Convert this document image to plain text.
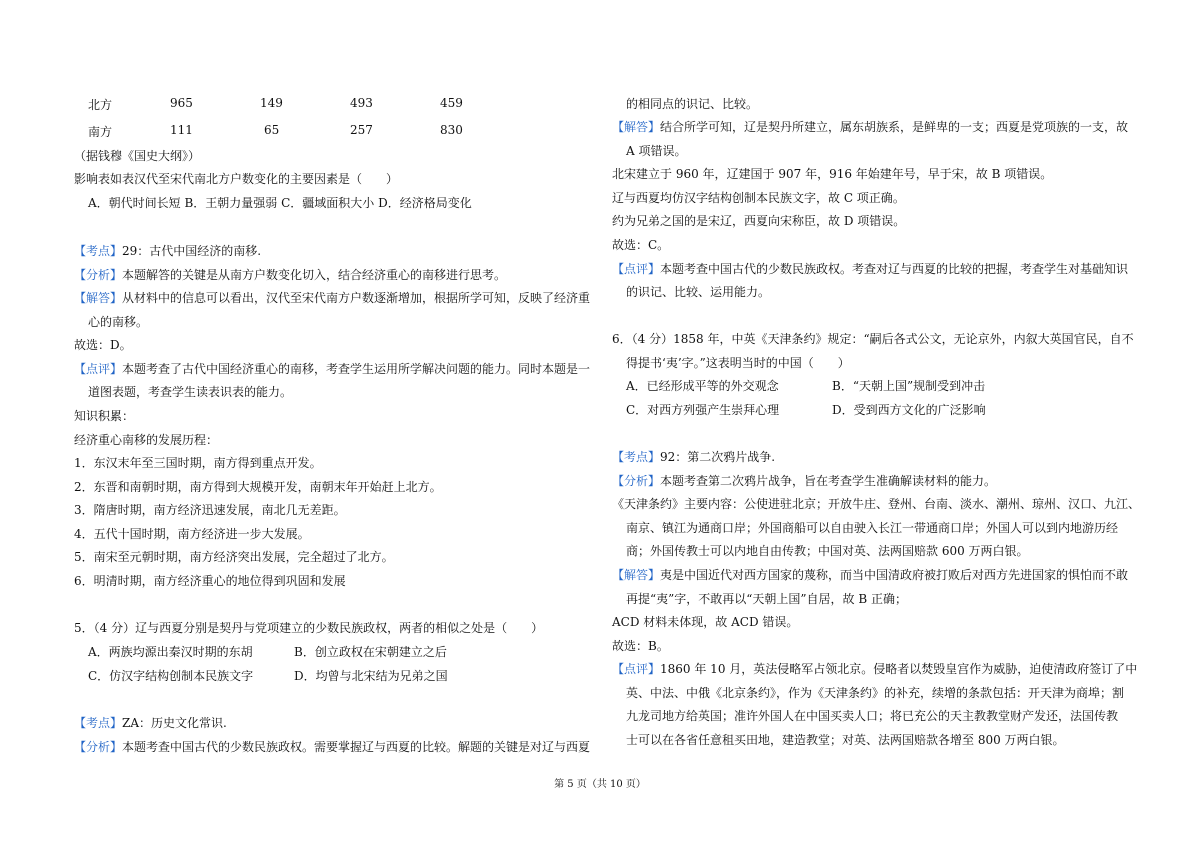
北方	965	149	493	459
南方	111	65	257	830
（据钱穆《国史大纲》）
影响表如表汉代至宋代南北方户数变化的主要因素是（　　）
A．朝代时间长短 B．王朝力量强弱 C．疆域面积大小 D．经济格局变化
【考点】29：古代中国经济的南移.
【分析】本题解答的关键是从南方户数变化切入，结合经济重心的南移进行思考。
【解答】从材料中的信息可以看出，汉代至宋代南方户数逐渐增加，根据所学可知，反映了经济重
心的南移。
故选：D。
【点评】本题考查了古代中国经济重心的南移，考查学生运用所学解决问题的能力。同时本题是一
道图表题，考查学生读表识表的能力。
知识积累：
经济重心南移的发展历程：
1．东汉末年至三国时期，南方得到重点开发。
2．东晋和南朝时期，南方得到大规模开发，南朝末年开始赶上北方。
3．隋唐时期，南方经济迅速发展，南北几无差距。
4．五代十国时期，南方经济进一步大发展。
5．南宋至元朝时期，南方经济突出发展，完全超过了北方。
6．明清时期，南方经济重心的地位得到巩固和发展
5．（4 分）辽与西夏分别是契丹与党项建立的少数民族政权，两者的相似之处是（　　）
A．两族均源出秦汉时期的东胡	B．创立政权在宋朝建立之后
C．仿汉字结构创制本民族文字	D．均曾与北宋结为兄弟之国
【考点】ZA：历史文化常识.
【分析】本题考查中国古代的少数民族政权。需要掌握辽与西夏的比较。解题的关键是对辽与西夏
的相同点的识记、比较。
【解答】结合所学可知，辽是契丹所建立，属东胡族系，是鲜卑的一支；西夏是党项族的一支，故
A 项错误。
北宋建立于 960 年，辽建国于 907 年，916 年始建年号，早于宋，故 B 项错误。
辽与西夏均仿汉字结构创制本民族文字，故 C 项正确。
约为兄弟之国的是宋辽，西夏向宋称臣，故 D 项错误。
故选：C。
【点评】本题考查中国古代的少数民族政权。考查对辽与西夏的比较的把握，考查学生对基础知识
的识记、比较、运用能力。
6．（4 分）1858 年，中英《天津条约》规定：“嗣后各式公文，无论京外，内叙大英国官民，自不
得提书‘夷’字。”这表明当时的中国（　　）
A．已经形成平等的外交观念	B．“天朝上国”规制受到冲击
C．对西方列强产生崇拜心理	D．受到西方文化的广泛影响
【考点】92：第二次鸦片战争.
【分析】本题考查第二次鸦片战争，旨在考查学生准确解读材料的能力。
《天津条约》主要内容：公使进驻北京；开放牛庄、登州、台南、淡水、潮州、琼州、汉口、九江、
南京、镇江为通商口岸；外国商船可以自由驶入长江一带通商口岸；外国人可以到内地游历经
商；外国传教士可以内地自由传教；中国对英、法两国赔款 600 万两白银。
【解答】夷是中国近代对西方国家的蔑称，而当中国清政府被打败后对西方先进国家的惧怕而不敢
再提“夷”字，不敢再以“天朝上国”自居，故 B 正确；
ACD 材料未体现，故 ACD 错误。
故选：B。
【点评】1860 年 10 月，英法侵略军占领北京。侵略者以焚毁皇宫作为威胁，迫使清政府签订了中
英、中法、中俄《北京条约》，作为《天津条约》的补充，续增的条款包括：开天津为商埠；割
九龙司地方给英国；准许外国人在中国买卖人口；将已充公的天主教教堂财产发还，法国传教
士可以在各省任意租买田地，建造教堂；对英、法两国赔款各增至 800 万两白银。
第 5 页（共 10 页）
